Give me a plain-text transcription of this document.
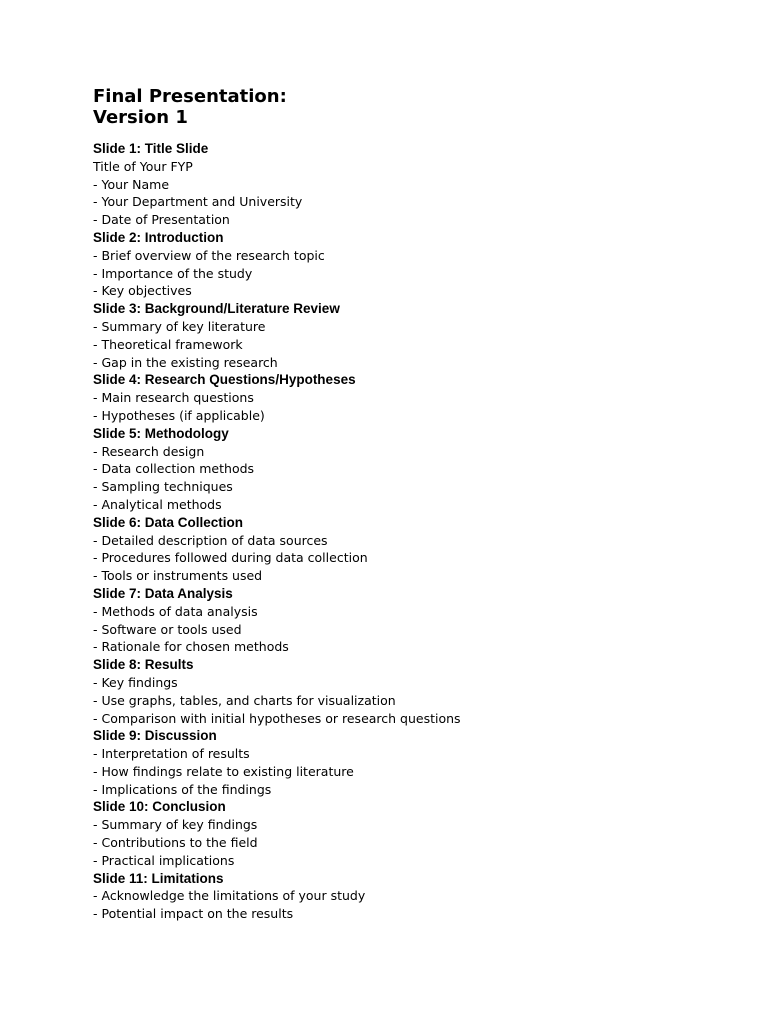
Final Presentation:
Version 1
Slide 1: Title Slide
Title of Your FYP
- Your Name
- Your Department and University
- Date of Presentation
Slide 2: Introduction
- Brief overview of the research topic
- Importance of the study
- Key objectives
Slide 3: Background/Literature Review
- Summary of key literature
- Theoretical framework
- Gap in the existing research
Slide 4: Research Questions/Hypotheses
- Main research questions
- Hypotheses (if applicable)
Slide 5: Methodology
- Research design
- Data collection methods
- Sampling techniques
- Analytical methods
Slide 6: Data Collection
- Detailed description of data sources
- Procedures followed during data collection
- Tools or instruments used
Slide 7: Data Analysis
- Methods of data analysis
- Software or tools used
- Rationale for chosen methods
Slide 8: Results
- Key findings
- Use graphs, tables, and charts for visualization
- Comparison with initial hypotheses or research questions
Slide 9: Discussion
- Interpretation of results
- How findings relate to existing literature
- Implications of the findings
Slide 10: Conclusion
- Summary of key findings
- Contributions to the field
- Practical implications
Slide 11: Limitations
- Acknowledge the limitations of your study
- Potential impact on the results
